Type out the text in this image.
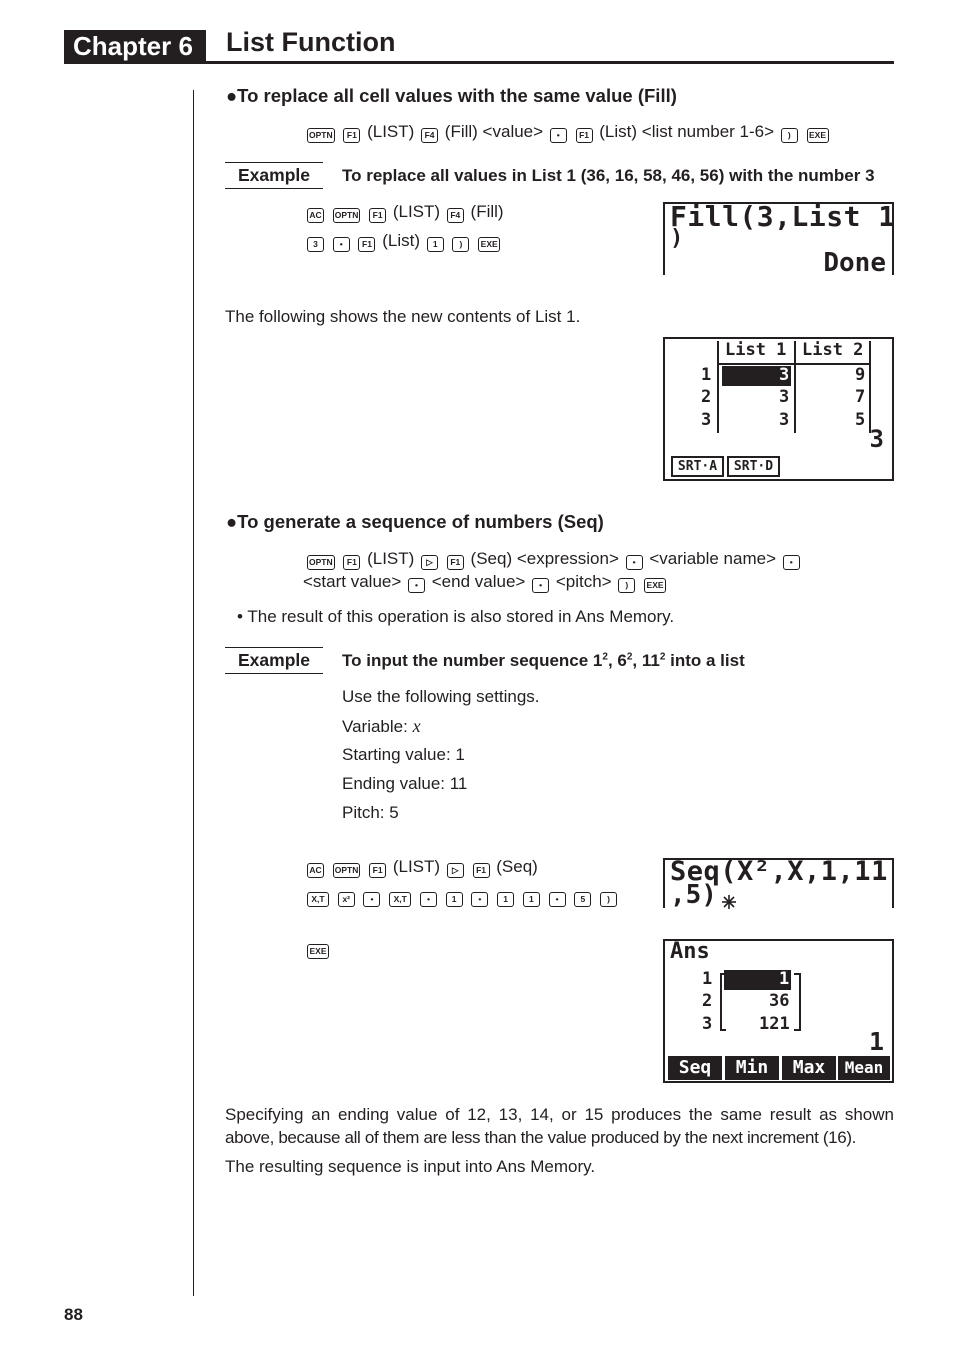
Chapter 6	List Function
●To replace all cell values with the same value (Fill)
OPTN F1 (LIST) F4 (Fill) <value> • F1 (List) <list number 1-6> ) EXE
Example	To replace all values in List 1 (36, 16, 58, 46, 56) with the number 3
AC OPTN F1 (LIST) F4 (Fill)
3	• F1 (List) 1	) EXE
Fill(3,List 1
)
Done
The following shows the new contents of List 1.
List 1 List 2
1	3	9
2	3	7
3	3	5
3
SRT·A	SRT·D
●To generate a sequence of numbers (Seq)
OPTN F1 (LIST) ▷ F1 (Seq) <expression> • <variable name> •
<start value> • <end value> • <pitch> ) EXE
• The result of this operation is also stored in Ans Memory.
Example	To input the number sequence $1^2$, $6^2$, $11^2$ into a list
Use the following settings.
Variable: x
Starting value: 1
Ending value: 11
Pitch: 5
AC OPTN F1 (LIST) ▷ F1 (Seq)
X,T x² • X,T •	1	•	1 1	•	5	)
EXE
Seq(X²,X,1,11
,5)
Ans
1	1
2	36
3	121
1
Seq	Min	Max	Mean
Specifying an ending value of 12, 13, 14, or 15 produces the same result as shown
above, because all of them are less than the value produced by the next increment (16).
The resulting sequence is input into Ans Memory.
88
